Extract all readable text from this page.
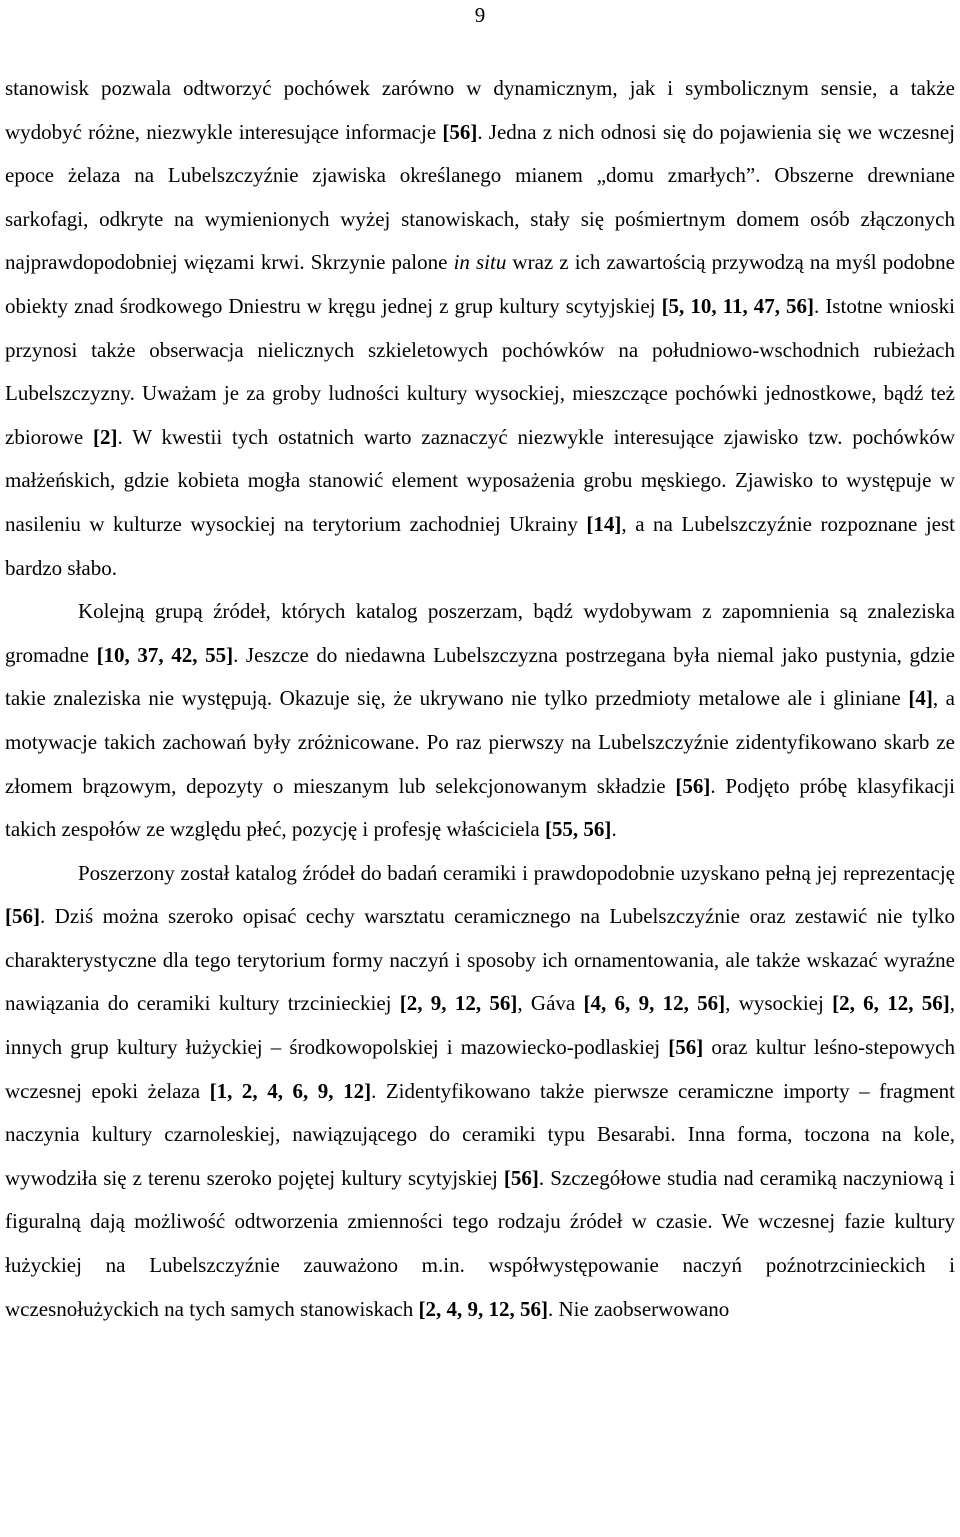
9

stanowisk pozwala odtworzyć pochówek zarówno w dynamicznym, jak i symbolicznym sensie, a także wydobyć różne, niezwykle interesujące informacje [56]. Jedna z nich odnosi się do pojawienia się we wczesnej epoce żelaza na Lubelszczyźnie zjawiska określanego mianem „domu zmarłych”. Obszerne drewniane sarkofagi, odkryte na wymienionych wyżej stanowiskach, stały się pośmiertnym domem osób złączonych najprawdopodobniej więzami krwi. Skrzynie palone in situ wraz z ich zawartością przywodzą na myśl podobne obiekty znad środkowego Dniestru w kręgu jednej z grup kultury scytyjskiej [5, 10, 11, 47, 56]. Istotne wnioski przynosi także obserwacja nielicznych szkieletowych pochówków na południowo-wschodnich rubieżach Lubelszczyzny. Uważam je za groby ludności kultury wysockiej, mieszczące pochówki jednostkowe, bądź też zbiorowe [2]. W kwestii tych ostatnich warto zaznaczyć niezwykle interesujące zjawisko tzw. pochówków małżeńskich, gdzie kobieta mogła stanowić element wyposażenia grobu męskiego. Zjawisko to występuje w nasileniu w kulturze wysockiej na terytorium zachodniej Ukrainy [14], a na Lubelszczyźnie rozpoznane jest bardzo słabo.

Kolejną grupą źródeł, których katalog poszerzam, bądź wydobywam z zapomnienia są znaleziska gromadne [10, 37, 42, 55]. Jeszcze do niedawna Lubelszczyzna postrzegana była niemal jako pustynia, gdzie takie znaleziska nie występują. Okazuje się, że ukrywano nie tylko przedmioty metalowe ale i gliniane [4], a motywacje takich zachowań były zróżnicowane. Po raz pierwszy na Lubelszczyźnie zidentyfikowano skarb ze złomem brązowym, depozyty o mieszanym lub selekcjonowanym składzie [56]. Podjęto próbę klasyfikacji takich zespołów ze względu płeć, pozycję i profesję właściciela [55, 56].

Poszerzony został katalog źródeł do badań ceramiki i prawdopodobnie uzyskano pełną jej reprezentację [56]. Dziś można szeroko opisać cechy warsztatu ceramicznego na Lubelszczyźnie oraz zestawić nie tylko charakterystyczne dla tego terytorium formy naczyń i sposoby ich ornamentowania, ale także wskazać wyraźne nawiązania do ceramiki kultury trzcinieckiej [2, 9, 12, 56], Gáva [4, 6, 9, 12, 56], wysockiej [2, 6, 12, 56], innych grup kultury łużyckiej – środkowopolskiej i mazowiecko-podlaskiej [56] oraz kultur leśno-stepowych wczesnej epoki żelaza [1, 2, 4, 6, 9, 12]. Zidentyfikowano także pierwsze ceramiczne importy – fragment naczynia kultury czarnoleskiej, nawiązującego do ceramiki typu Besarabi. Inna forma, toczona na kole, wywodziła się z terenu szeroko pojętej kultury scytyjskiej [56]. Szczegółowe studia nad ceramiką naczyniową i figuralną dają możliwość odtworzenia zmienności tego rodzaju źródeł w czasie. We wczesnej fazie kultury łużyckiej na Lubelszczyźnie zauważono m.in. współwystępowanie naczyń poźnotrzcinieckich i wczesnołużyckich na tych samych stanowiskach [2, 4, 9, 12, 56]. Nie zaobserwowano
